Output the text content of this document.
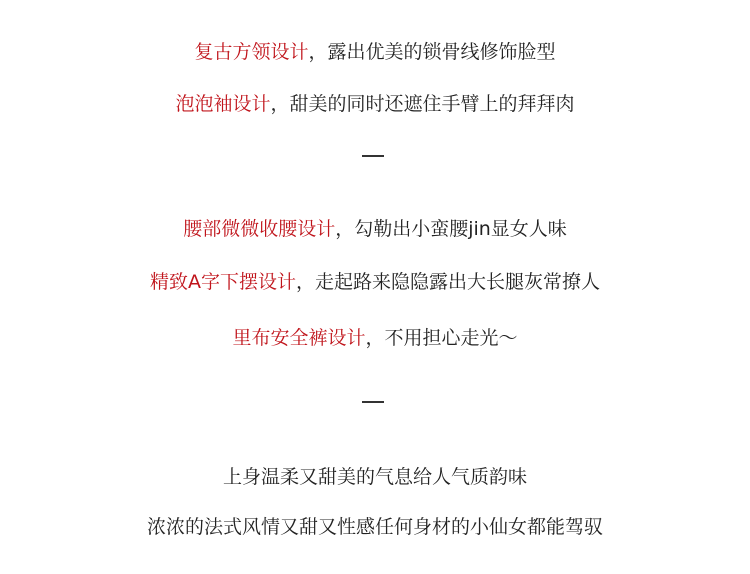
复古方领设计，露出优美的锁骨线修饰脸型
泡泡袖设计，甜美的同时还遮住手臂上的拜拜肉
腰部微微收腰设计，勾勒出小蛮腰jin显女人味
精致A字下摆设计，走起路来隐隐露出大长腿灰常撩人
里布安全裤设计，不用担心走光～
上身温柔又甜美的气息给人气质韵味
浓浓的法式风情又甜又性感任何身材的小仙女都能驾驭
